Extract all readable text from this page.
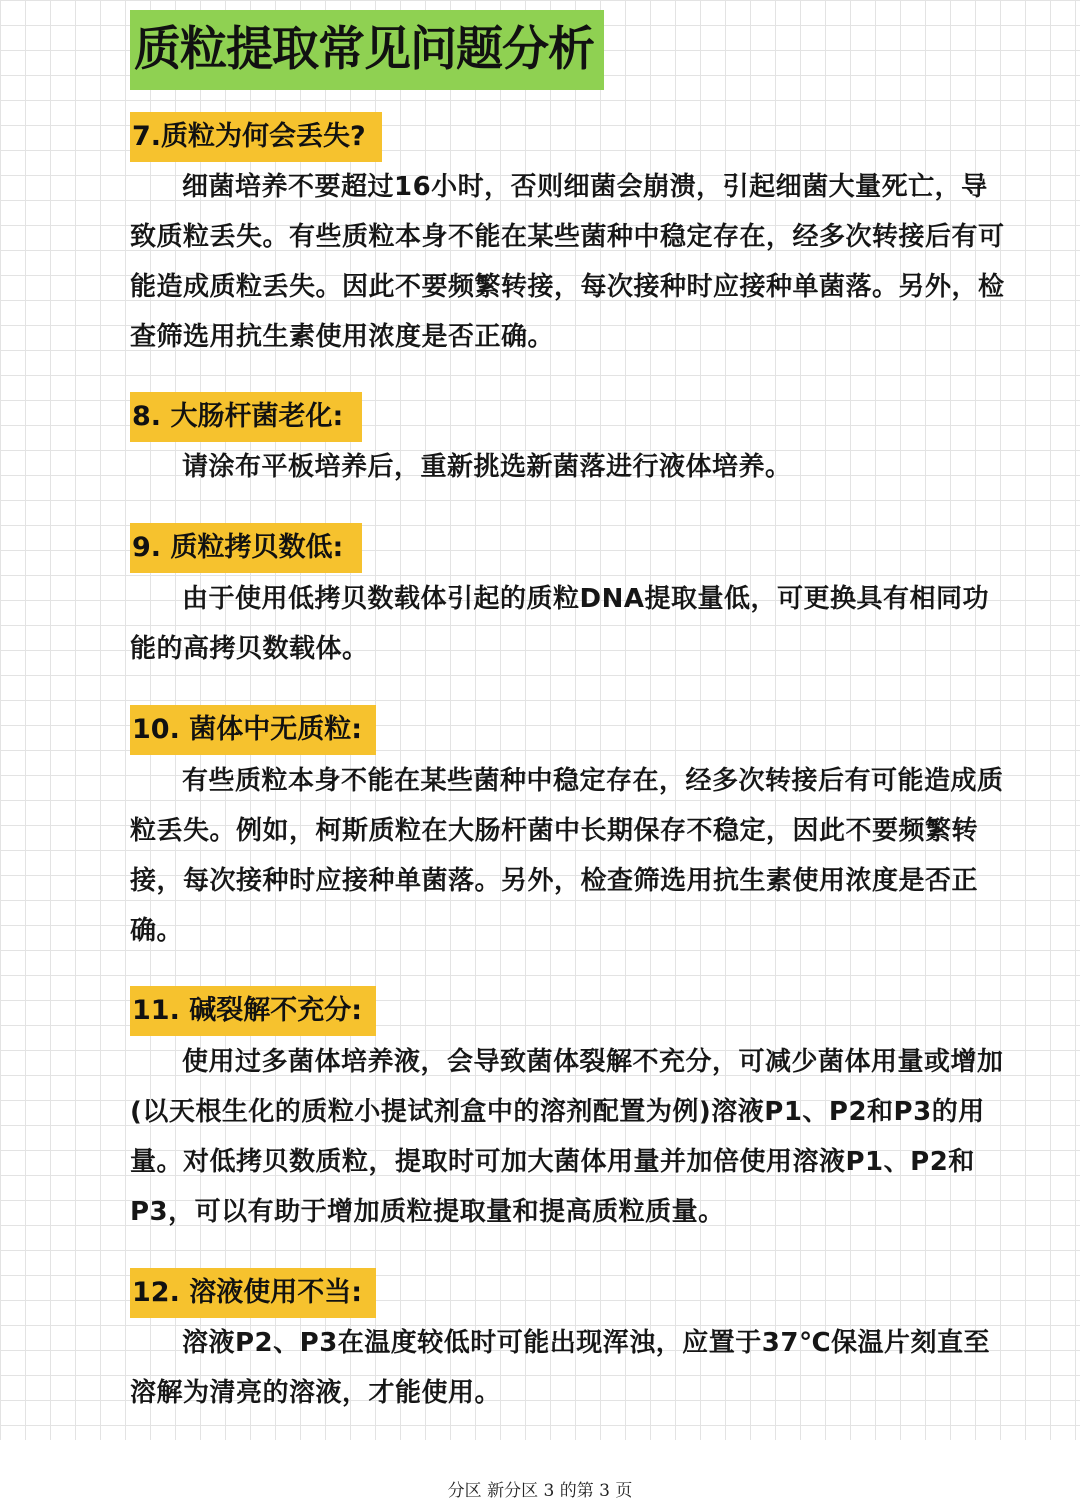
质粒提取常见问题分析
7.质粒为何会丢失?

细菌培养不要超过16小时，否则细菌会崩溃，引起细菌大量死亡，导致质粒丢失。有些质粒本身不能在某些菌种中稳定存在，经多次转接后有可能造成质粒丢失。因此不要频繁转接，每次接种时应接种单菌落。另外，检查筛选用抗生素使用浓度是否正确。

8. 大肠杆菌老化:

请涂布平板培养后，重新挑选新菌落进行液体培养。

9. 质粒拷贝数低:

由于使用低拷贝数载体引起的质粒DNA提取量低，可更换具有相同功能的高拷贝数载体。

10. 菌体中无质粒:

有些质粒本身不能在某些菌种中稳定存在，经多次转接后有可能造成质粒丢失。例如，柯斯质粒在大肠杆菌中长期保存不稳定，因此不要频繁转接，每次接种时应接种单菌落。另外，检查筛选用抗生素使用浓度是否正确。

11. 碱裂解不充分:

使用过多菌体培养液，会导致菌体裂解不充分，可减少菌体用量或增加(以天根生化的质粒小提试剂盒中的溶剂配置为例)溶液P1、P2和P3的用量。对低拷贝数质粒，提取时可加大菌体用量并加倍使用溶液P1、P2和P3，可以有助于增加质粒提取量和提高质粒质量。

12. 溶液使用不当:

溶液P2、P3在温度较低时可能出现浑浊，应置于37℃保温片刻直至溶解为清亮的溶液，才能使用。

分区 新分区 3 的第 3 页
